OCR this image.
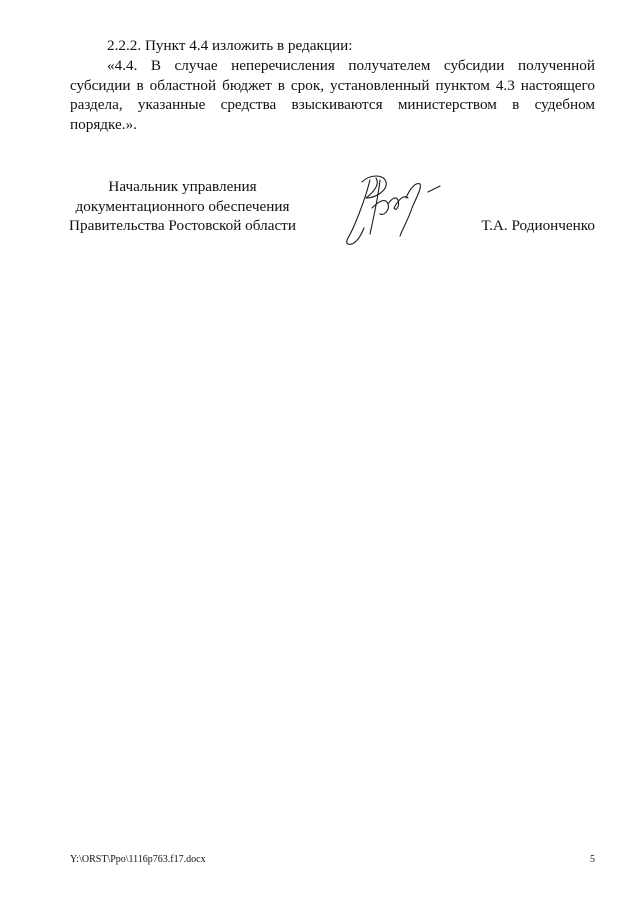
2.2.2. Пункт 4.4 изложить в редакции:

«4.4. В случае неперечисления получателем субсидии полученной субсидии в областной бюджет в срок, установленный пунктом 4.3 настоящего раздела, указанные средства взыскиваются министерством в судебном порядке.».

Начальник управления
документационного обеспечения
Правительства Ростовской области	Т.А. Родионченко
Y:\ORST\Ppo\1116p763.f17.docx	5
